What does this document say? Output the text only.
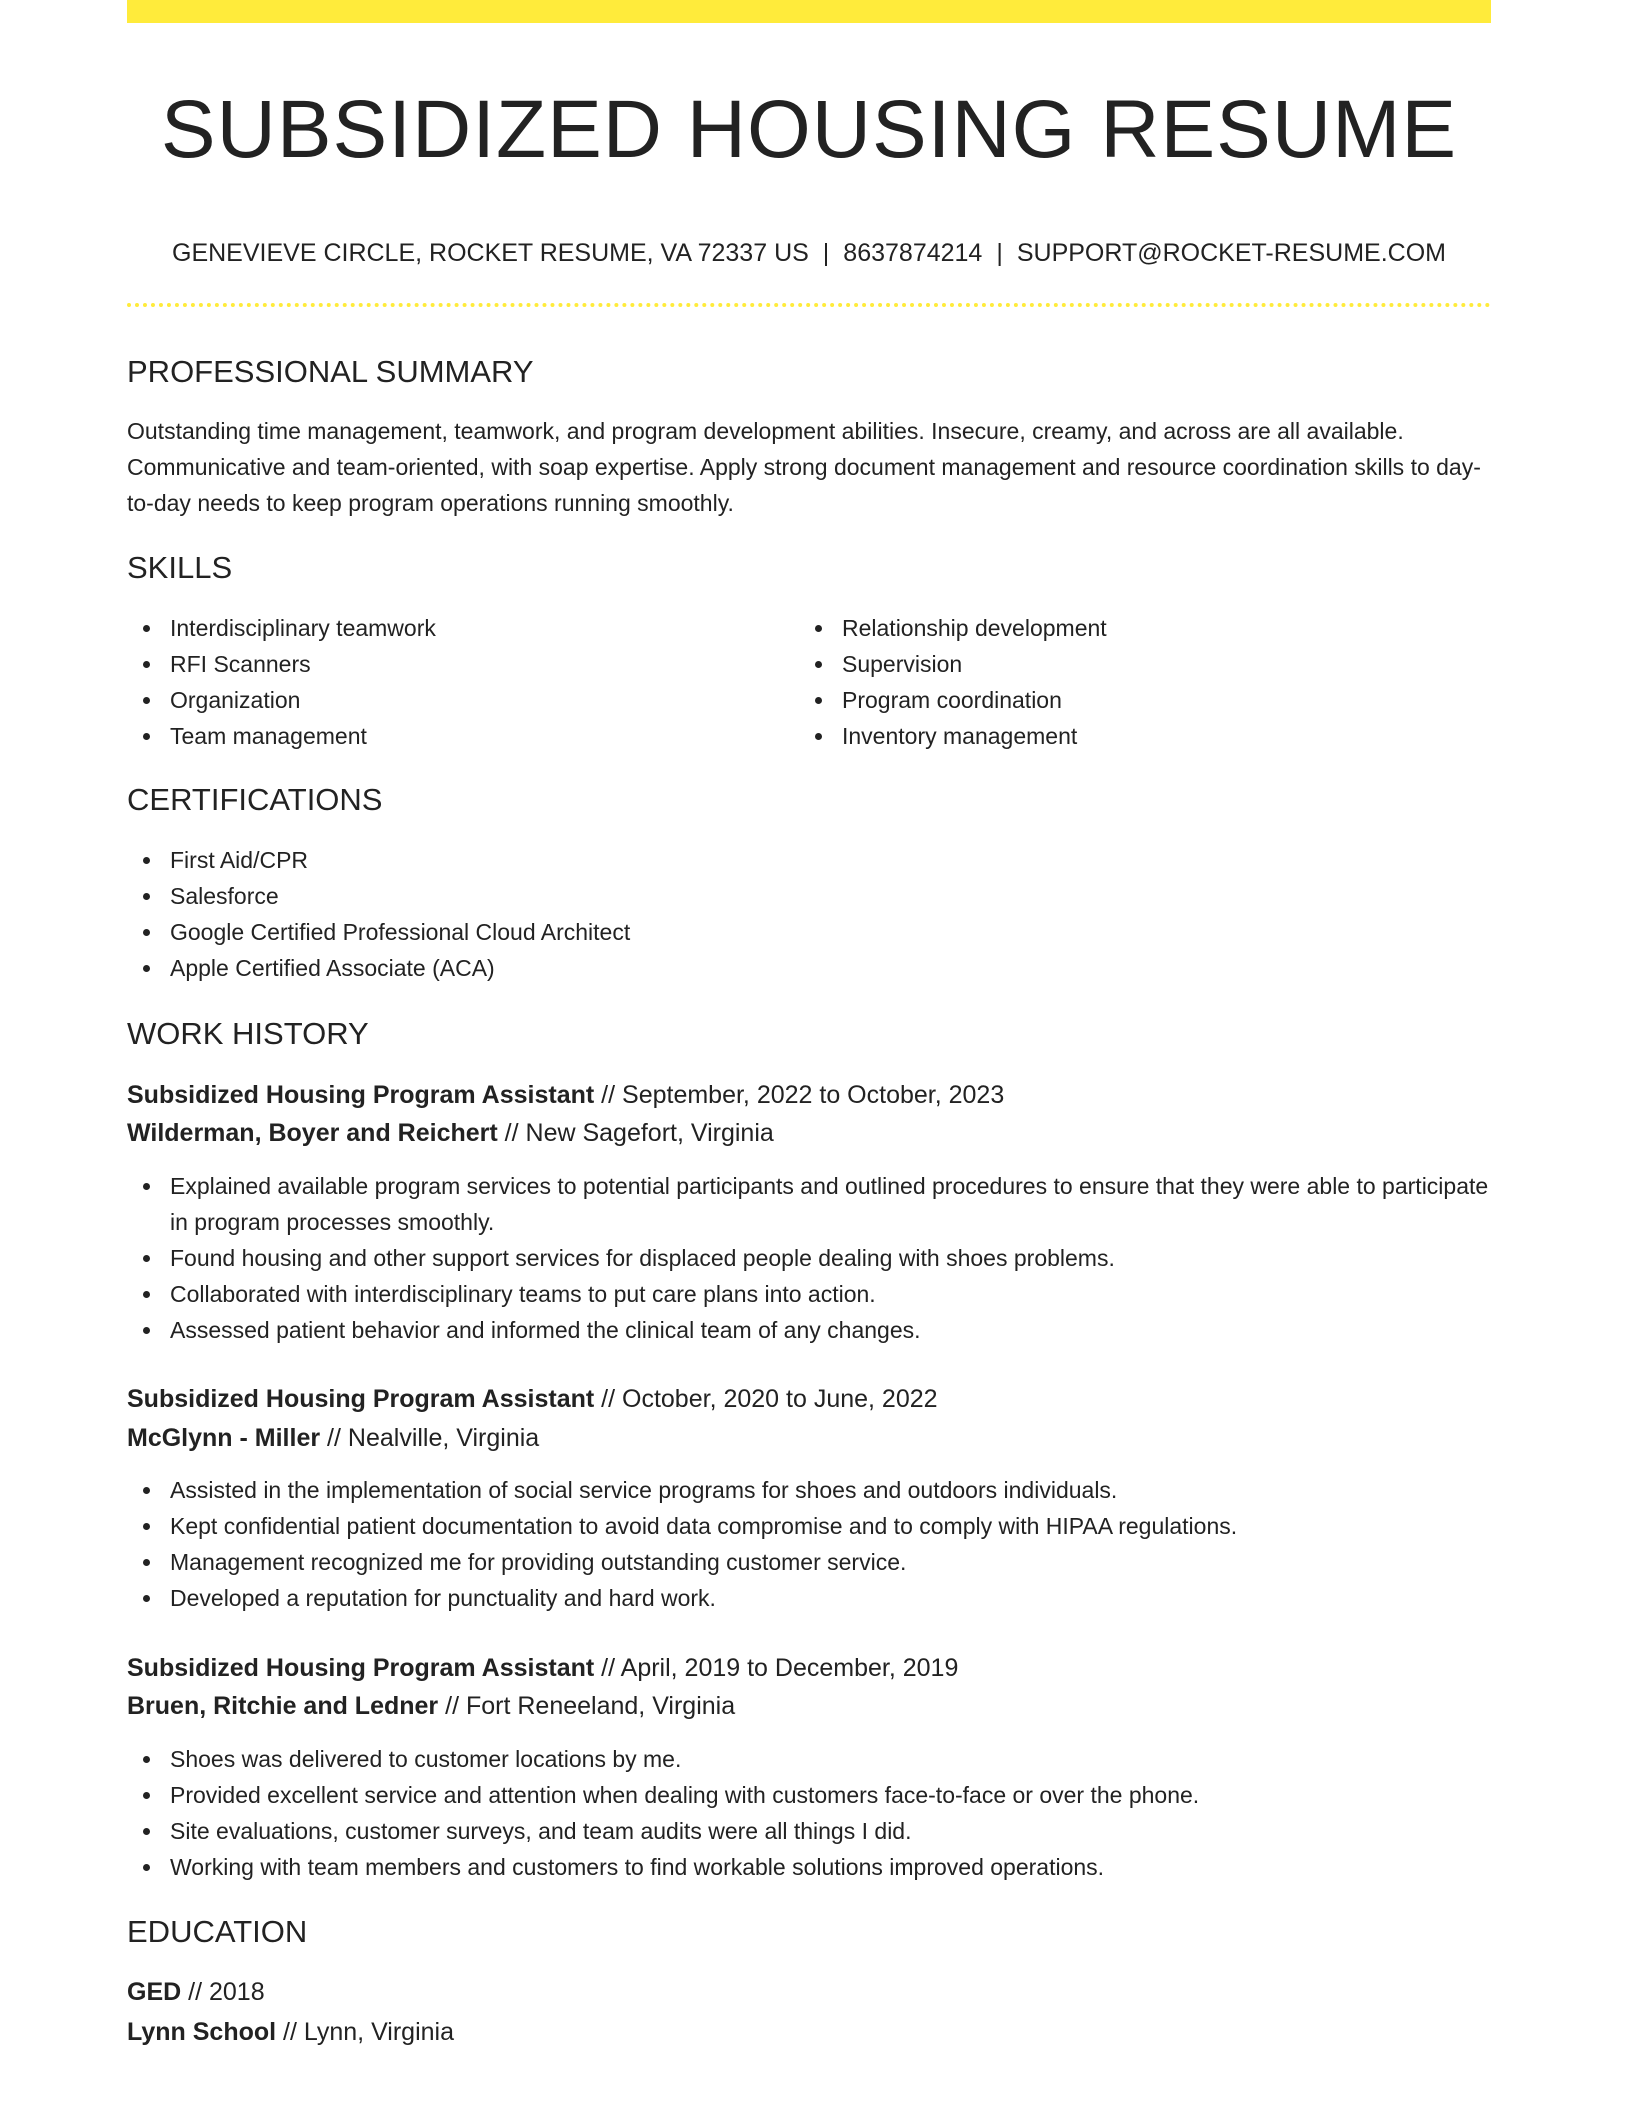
SUBSIDIZED HOUSING RESUME
GENEVIEVE CIRCLE, ROCKET RESUME, VA 72337 US | 8637874214 | SUPPORT@ROCKET-RESUME.COM
PROFESSIONAL SUMMARY

Outstanding time management, teamwork, and program development abilities. Insecure, creamy, and across are all available. Communicative and team-oriented, with soap expertise. Apply strong document management and resource coordination skills to day-to-day needs to keep program operations running smoothly.

SKILLS
Interdisciplinary teamwork
RFI Scanners
Organization
Team management
Relationship development
Supervision
Program coordination
Inventory management
CERTIFICATIONS
First Aid/CPR
Salesforce
Google Certified Professional Cloud Architect
Apple Certified Associate (ACA)
WORK HISTORY
Subsidized Housing Program Assistant // September, 2022 to October, 2023
Wilderman, Boyer and Reichert // New Sagefort, Virginia
Explained available program services to potential participants and outlined procedures to ensure that they were able to participate in program processes smoothly.
Found housing and other support services for displaced people dealing with shoes problems.
Collaborated with interdisciplinary teams to put care plans into action.
Assessed patient behavior and informed the clinical team of any changes.
Subsidized Housing Program Assistant // October, 2020 to June, 2022
McGlynn - Miller // Nealville, Virginia
Assisted in the implementation of social service programs for shoes and outdoors individuals.
Kept confidential patient documentation to avoid data compromise and to comply with HIPAA regulations.
Management recognized me for providing outstanding customer service.
Developed a reputation for punctuality and hard work.
Subsidized Housing Program Assistant // April, 2019 to December, 2019
Bruen, Ritchie and Ledner // Fort Reneeland, Virginia
Shoes was delivered to customer locations by me.
Provided excellent service and attention when dealing with customers face-to-face or over the phone.
Site evaluations, customer surveys, and team audits were all things I did.
Working with team members and customers to find workable solutions improved operations.
EDUCATION
GED // 2018
Lynn School // Lynn, Virginia
